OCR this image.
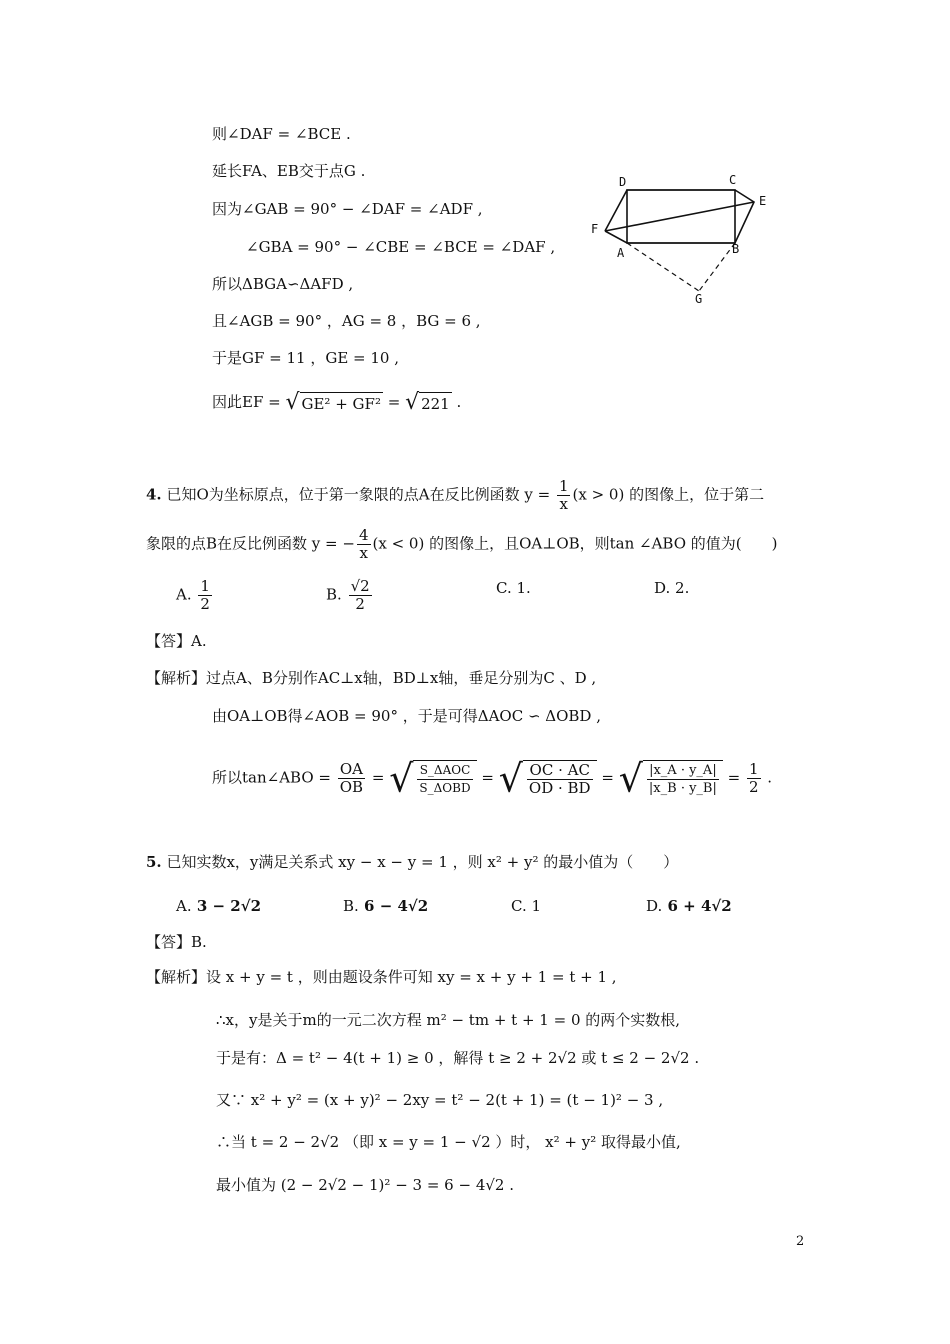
则∠DAF = ∠BCE .
延长FA、EB交于点G .
因为∠GAB = 90° − ∠DAF = ∠ADF ,
∠GBA = 90° − ∠CBE = ∠BCE = ∠DAF ,
所以ΔBGA∽ΔAFD ,
且∠AGB = 90° ，AG = 8 ，BG = 6 ,
于是GF = 11 ，GE = 10 ,
因此EF = √ GE² + GF² = √ 221 .
D	C
E
F
A	B
G
4. 已知O为坐标原点，位于第一象限的点A在反比例函数 $y = \frac{1}{x} (x > 0)$ 的图像上，位于第二
象限的点B在反比例函数 y = − $\frac{4}{x} (x < 0)$ 的图像上，且OA⊥OB，则tan ∠ABO 的值为(　　)
A. $\frac{1}{2}$	B. $\frac{√2}{2}$	C. 1.	D. 2.
【答】A.
【解析】过点A、B分别作AC⊥x轴，BD⊥x轴，垂足分别为C 、D ,
由OA⊥OB得∠AOB = 90° ，于是可得ΔAOC ∽ ΔOBD ,
所以tan∠ABO = $\frac{OA}{OB}$ = √ $\frac{\text{S\_ΔAOC}}{\text{S\_ΔOBD}}$ = √ $\frac{OC \cdot AC}{OD \cdot BD}$ = √ $\frac{|x\_A \cdot y\_A|}{|x\_B \cdot y\_B|} = \frac{1}{2}$ .
5. 已知实数x，y满足关系式 xy − x − y = 1 ，则 x² + y² 的最小值为（　　）
A. 3 − 2√2	B. 6 − 4√2	C. 1	D. 6 + 4√2
【答】B.
【解析】设 x + y = t ，则由题设条件可知 xy = x + y + 1 = t + 1 ,
∴x，y是关于m的一元二次方程 m² − tm + t + 1 = 0 的两个实数根,
于是有：Δ = t² − 4(t + 1) ≥ 0 ，解得 t ≥ 2 + 2√2 或 t ≤ 2 − 2√2 .
又∵ x² + y² = (x + y)² − 2xy = t² − 2(t + 1) = (t − 1)² − 3 ,
∴当 t = 2 − 2√2 （即 x = y = 1 − √2 ）时， x² + y² 取得最小值,
最小值为 (2 − 2√2 − 1)² − 3 = 6 − 4√2 .
2
